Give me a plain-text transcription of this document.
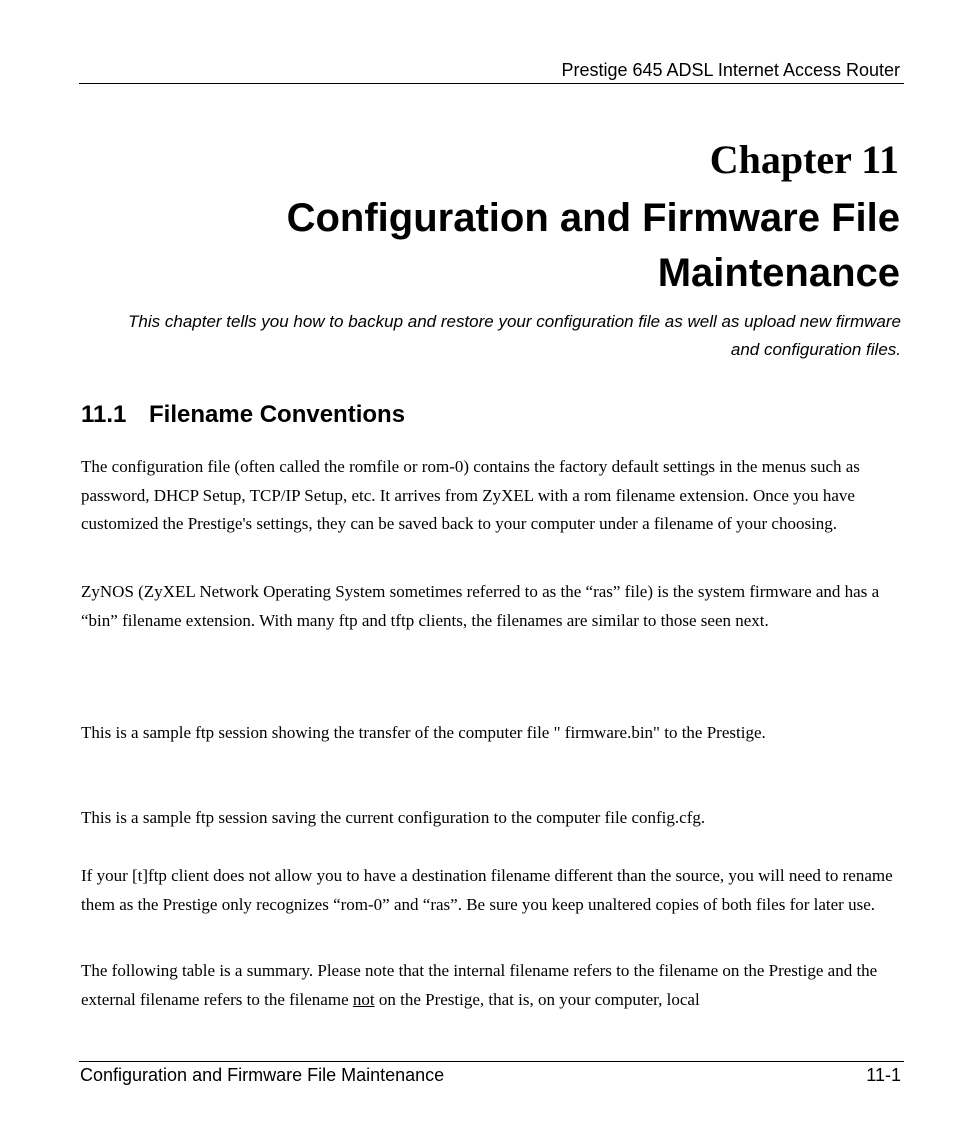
Prestige 645 ADSL Internet Access Router
Chapter 11
Configuration and Firmware File Maintenance
This chapter tells you how to backup and restore your configuration file as well as upload new firmware and configuration files.
11.1 Filename Conventions

The configuration file (often called the romfile or rom-0) contains the factory default settings in the menus such as password, DHCP Setup, TCP/IP Setup, etc. It arrives from ZyXEL with a rom filename extension. Once you have customized the Prestige's settings, they can be saved back to your computer under a filename of your choosing.

ZyNOS (ZyXEL Network Operating System sometimes referred to as the “ras” file) is the system firmware and has a “bin” filename extension. With many ftp and tftp clients, the filenames are similar to those seen next.

This is a sample ftp session showing the transfer of the computer file " firmware.bin" to the Prestige.

This is a sample ftp session saving the current configuration to the computer file config.cfg.

If your [t]ftp client does not allow you to have a destination filename different than the source, you will need to rename them as the Prestige only recognizes “rom-0” and “ras”. Be sure you keep unaltered copies of both files for later use.

The following table is a summary. Please note that the internal filename refers to the filename on the Prestige and the external filename refers to the filename not on the Prestige, that is, on your computer, local

Configuration and Firmware File Maintenance	11-1
